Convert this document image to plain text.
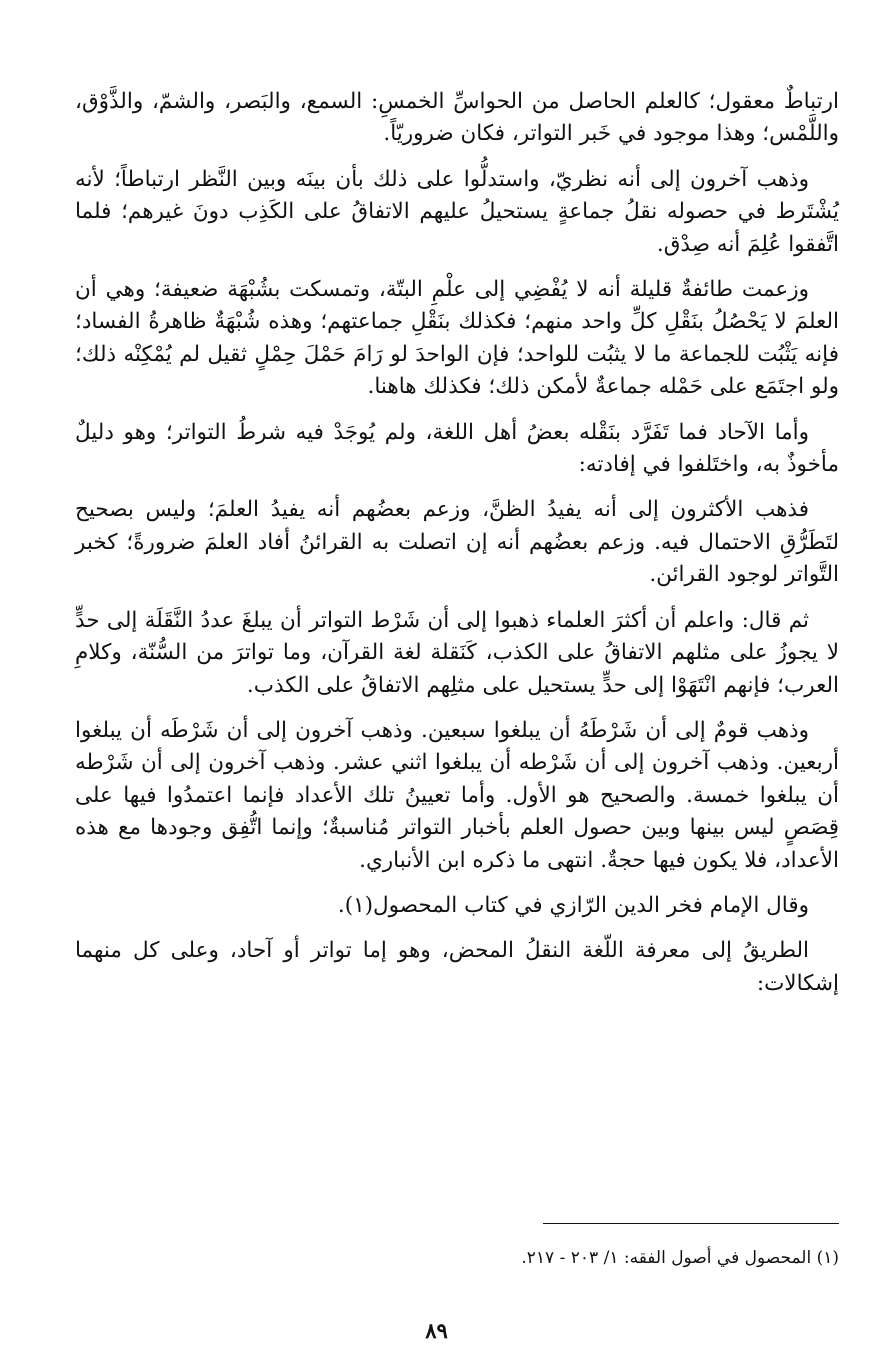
ارتباطٌ معقول؛ كالعلم الحاصل من الحواسِّ الخمسِ: السمع، والبَصر، والشمّ، والذَّوْق، واللَّمْس؛ وهذا موجود في خَبر التواتر، فكان ضروريّاً.

وذهب آخرون إلى أنه نظريّ، واستدلُّوا على ذلك بأن بينَه وبين النَّظر ارتباطاً؛ لأنه يُشْتَرط في حصوله نقلُ جماعةٍ يستحيلُ عليهم الاتفاقُ على الكَذِب دونَ غيرهم؛ فلما اتَّفقوا عُلِمَ أنه صِدْق.

وزعمت طائفةٌ قليلة أنه لا يُفْضِي إلى علْمِ البتّة، وتمسكت بشُبْهَة ضعيفة؛ وهي أن العلمَ لا يَحْصُلُ بنَقْلِ كلِّ واحد منهم؛ فكذلك بنَقْلِ جماعتهم؛ وهذه شُبْهَةٌ ظاهرةُ الفساد؛ فإنه يَثْبُت للجماعة ما لا يثبُت للواحد؛ فإن الواحدَ لو رَامَ حَمْلَ حِمْلٍ ثقيل لم يُمْكِنْه ذلك؛ ولو اجتَمَع على حَمْله جماعةٌ لأمكن ذلك؛ فكذلك هاهنا.

وأما الآحاد فما تَفَرَّد بنَقْله بعضُ أهل اللغة، ولم يُوجَدْ فيه شرطُ التواتر؛ وهو دليلٌ مأخوذٌ به، واختَلفوا في إفادته:

فذهب الأكثرون إلى أنه يفيدُ الظنَّ، وزعم بعضُهم أنه يفيدُ العلمَ؛ وليس بصحيح لتَطَرُّقِ الاحتمال فيه. وزعم بعضُهم أنه إن اتصلت به القرائنُ أفاد العلمَ ضرورةً؛ كخبر التَّواتر لوجود القرائن.

ثم قال: واعلم أن أكثرَ العلماء ذهبوا إلى أن شَرْط التواتر أن يبلغَ عددُ النَّقَلَة إلى حدٍّ لا يجوزُ على مثلهم الاتفاقُ على الكذب، كَنَقلة لغة القرآن، وما تواترَ من السُّنّة، وكلامِ العرب؛ فإنهم انْتَهَوْا إلى حدٍّ يستحيل على مثلِهم الاتفاقُ على الكذب.

وذهب قومٌ إلى أن شَرْطَهُ أن يبلغوا سبعين. وذهب آخرون إلى أن شَرْطَه أن يبلغوا أربعين. وذهب آخرون إلى أن شَرْطه أن يبلغوا اثني عشر. وذهب آخرون إلى أن شَرْطه أن يبلغوا خمسة. والصحيح هو الأول. وأما تعيينُ تلك الأعداد فإنما اعتمدُوا فيها على قِصَصٍ ليس بينها وبين حصول العلم بأخبار التواتر مُناسبةٌ؛ وإنما اتُّفِق وجودها مع هذه الأعداد، فلا يكون فيها حجةٌ. انتهى ما ذكره ابن الأنباري.

وقال الإمام فخر الدين الرّازي في كتاب المحصول(١).

الطريقُ إلى معرفة اللّغة النقلُ المحض، وهو إما تواتر أو آحاد، وعلى كل منهما إشكالات:

(١) المحصول في أصول الفقه: ١/ ٢٠٣ - ٢١٧.

٨٩
